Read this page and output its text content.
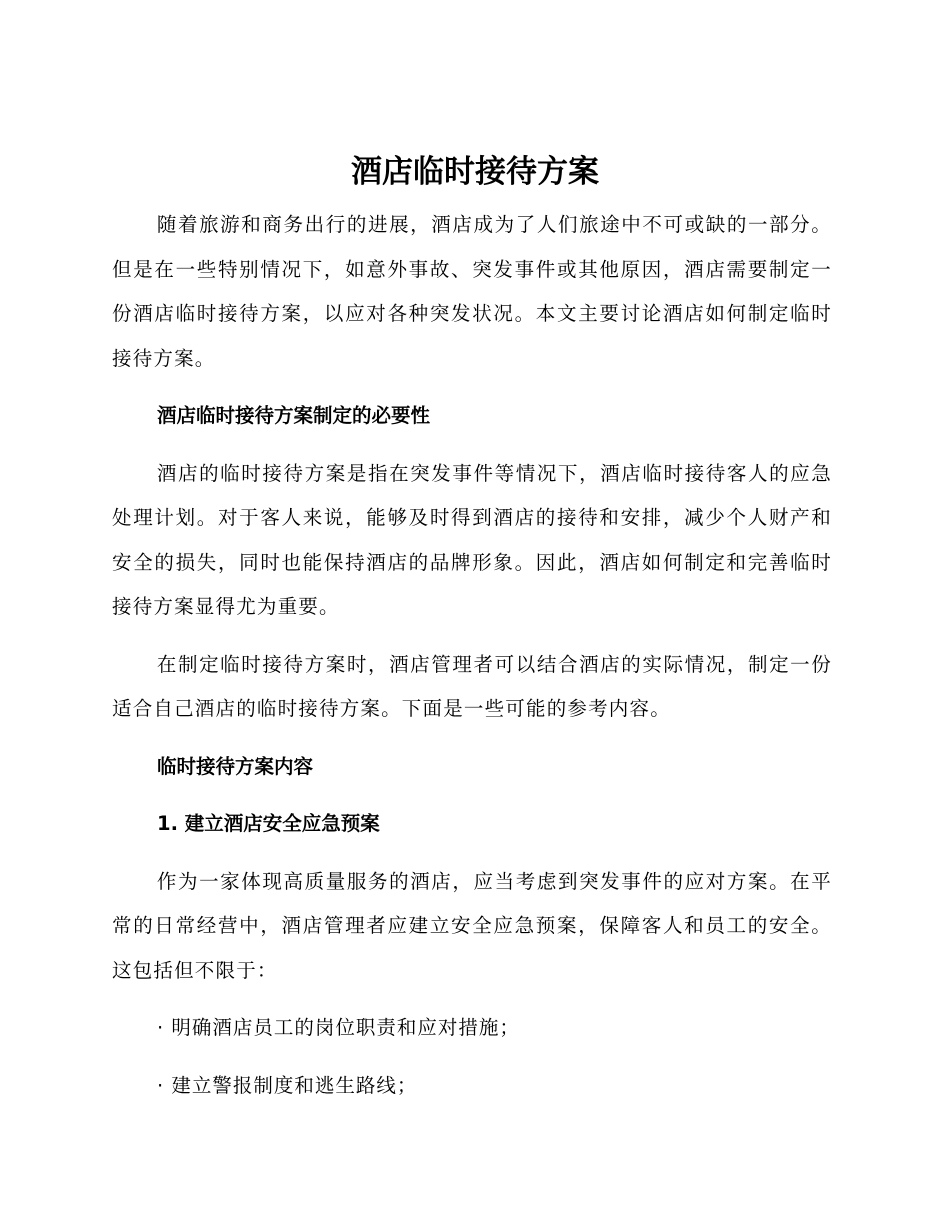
酒店临时接待方案

随着旅游和商务出行的进展，酒店成为了人们旅途中不可或缺的一部分。但是在一些特别情况下，如意外事故、突发事件或其他原因，酒店需要制定一份酒店临时接待方案，以应对各种突发状况。本文主要讨论酒店如何制定临时接待方案。

酒店临时接待方案制定的必要性

酒店的临时接待方案是指在突发事件等情况下，酒店临时接待客人的应急处理计划。对于客人来说，能够及时得到酒店的接待和安排，减少个人财产和安全的损失，同时也能保持酒店的品牌形象。因此，酒店如何制定和完善临时接待方案显得尤为重要。

在制定临时接待方案时，酒店管理者可以结合酒店的实际情况，制定一份适合自己酒店的临时接待方案。下面是一些可能的参考内容。

临时接待方案内容

1. 建立酒店安全应急预案

作为一家体现高质量服务的酒店，应当考虑到突发事件的应对方案。在平常的日常经营中，酒店管理者应建立安全应急预案，保障客人和员工的安全。这包括但不限于：

· 明确酒店员工的岗位职责和应对措施；

· 建立警报制度和逃生路线；
